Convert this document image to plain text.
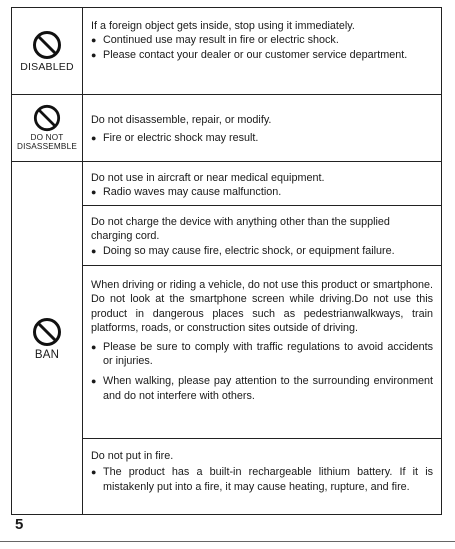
DISABLED

If a foreign object gets inside, stop using it immediately.

● Continued use may result in fire or electric shock.
● Please contact your dealer or our customer service department.
DO NOT
DISASSEMBLE

Do not disassemble, repair, or modify.

● Fire or electric shock may result.
BAN

Do not use in aircraft or near medical equipment.

● Radio waves may cause malfunction.

Do not charge the device with anything other than the supplied charging cord.

● Doing so may cause fire, electric shock, or equipment failure.

When driving or riding a vehicle, do not use this product or smartphone. Do not look at the smartphone screen while driving.Do not use this product in dangerous places such as pedestrianwalkways, train platforms, roads, or construction sites outside of driving.

● Please be sure to comply with traffic regulations to avoid accidents or injuries.
● When walking, please pay attention to the surrounding environment and do not interfere with others.

Do not put in fire.

● The product has a built-in rechargeable lithium battery. If it is mistakenly put into a fire, it may cause heating, rupture, and fire.
5
